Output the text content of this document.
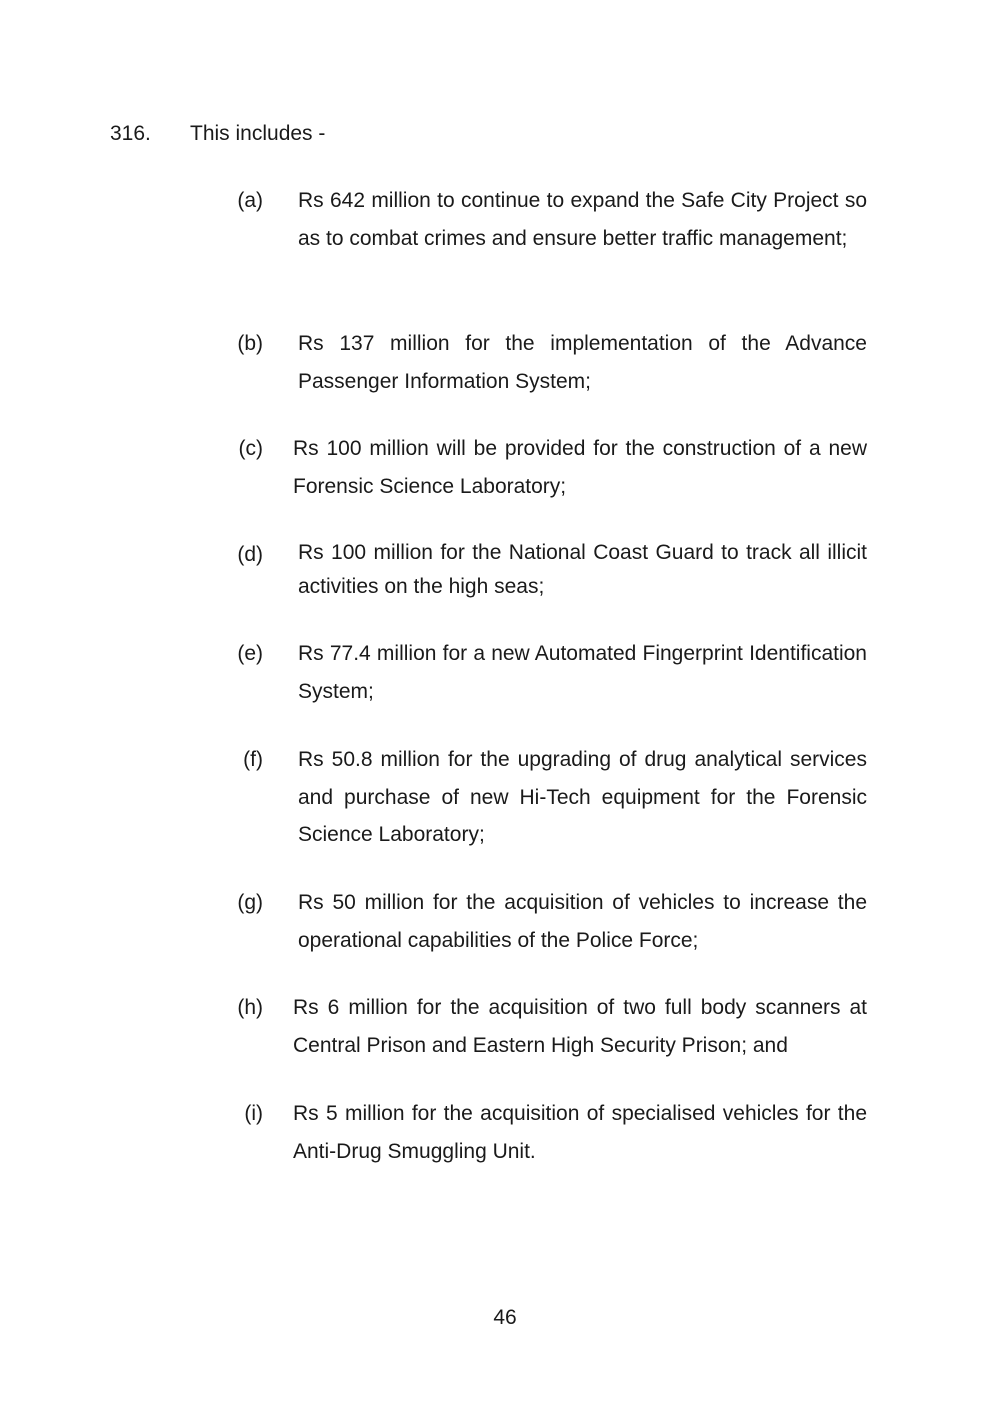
316. This includes -
(a) Rs 642 million to continue to expand the Safe City Project so as to combat crimes and ensure better traffic management;
(b) Rs 137 million for the implementation of the Advance Passenger Information System;
(c) Rs 100 million will be provided for the construction of a new Forensic Science Laboratory;
(d) Rs 100 million for the National Coast Guard to track all illicit activities on the high seas;
(e) Rs 77.4 million for a new Automated Fingerprint Identification System;
(f) Rs 50.8 million for the upgrading of drug analytical services and purchase of new Hi-Tech equipment for the Forensic Science Laboratory;
(g) Rs 50 million for the acquisition of vehicles to increase the operational capabilities of the Police Force;
(h) Rs 6 million for the acquisition of two full body scanners at Central Prison and Eastern High Security Prison; and
(i) Rs 5 million for the acquisition of specialised vehicles for the Anti-Drug Smuggling Unit.
46
